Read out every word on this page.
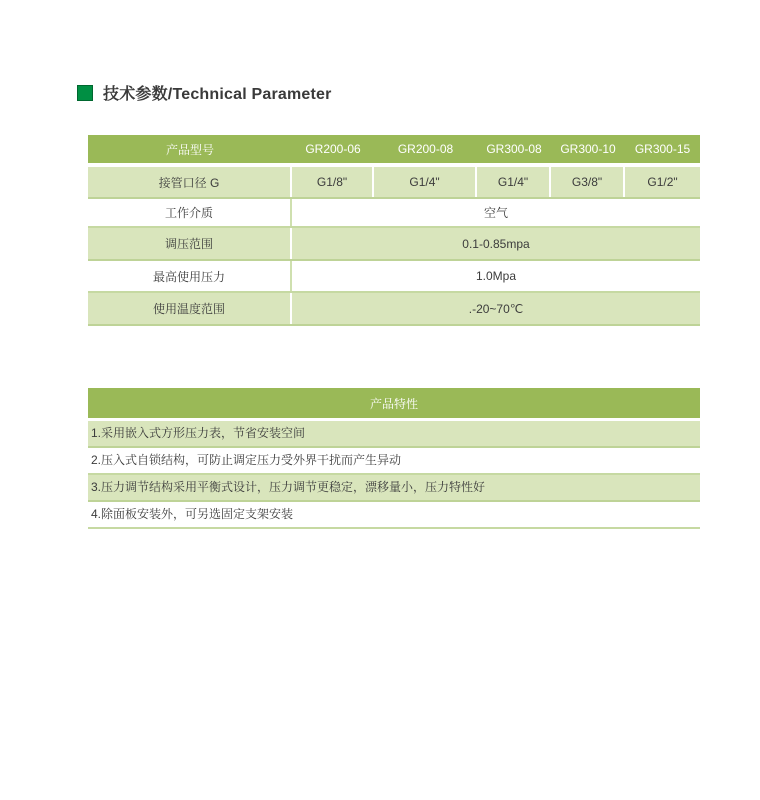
技术参数/Technical Parameter
产品型号	GR200-06	GR200-08	GR300-08	GR300-10	GR300-15
接管口径 G	G1/8"	G1/4"	G1/4"	G3/8"	G1/2"
工作介质	空气
调压范围	0.1-0.85mpa
最高使用压力	1.0Mpa
使用温度范围	.-20~70℃
产品特性
1.采用嵌入式方形压力表，节省安装空间
2.压入式自锁结构，可防止调定压力受外界干扰而产生异动
3.压力调节结构采用平衡式设计，压力调节更稳定，漂移量小，压力特性好
4.除面板安装外，可另选固定支架安装
